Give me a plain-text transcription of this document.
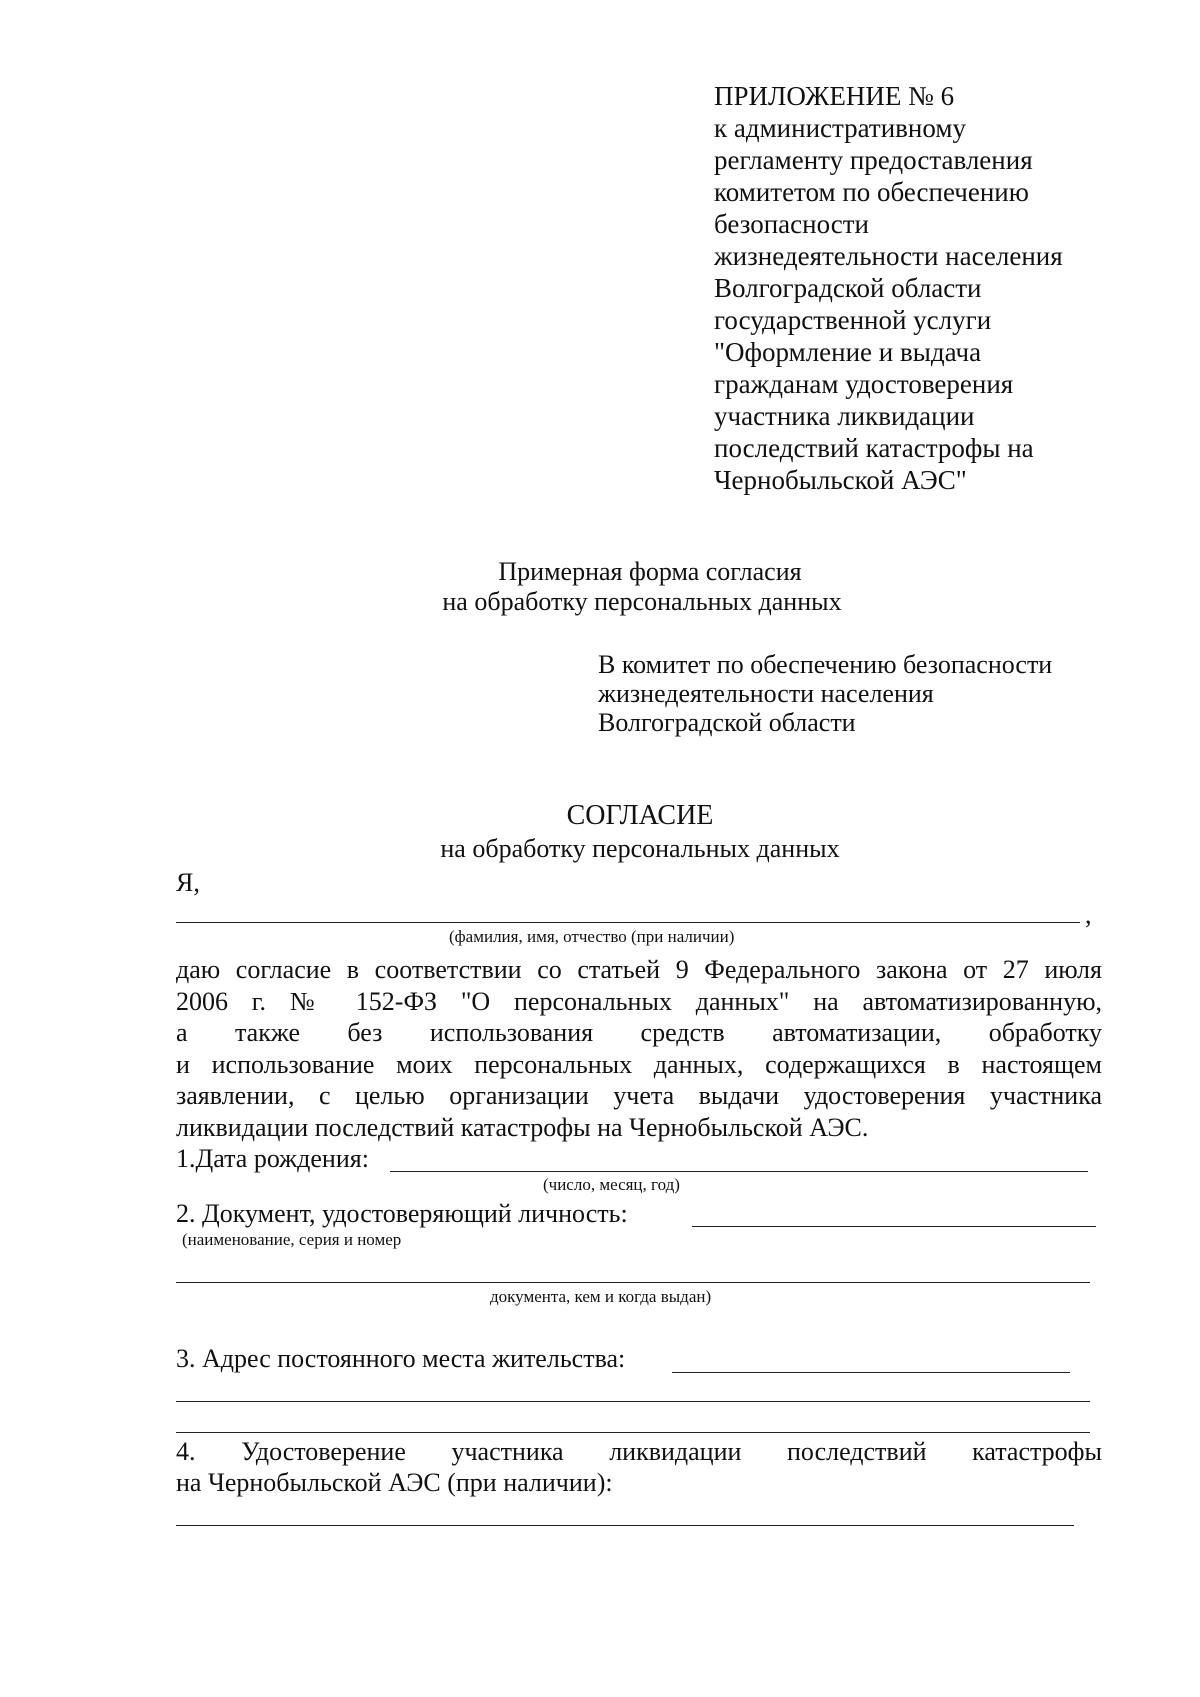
ПРИЛОЖЕНИЕ № 6
к административному
регламенту предоставления
комитетом по обеспечению
безопасности
жизнедеятельности населения
Волгоградской области
государственной услуги
"Оформление и выдача
гражданам удостоверения
участника ликвидации
последствий катастрофы на
Чернобыльской АЭС"
Примерная форма согласия
на обработку персональных данных
В комитет по обеспечению безопасности
жизнедеятельности населения
Волгоградской области
СОГЛАСИЕ
на обработку персональных данных
Я,
,
(фамилия, имя, отчество (при наличии)
даю согласие в соответствии со статьей 9 Федерального закона от 27 июля
2006 г. № 152-ФЗ "О персональных данных" на автоматизированную,
а также без использования средств автоматизации, обработку
и использование моих персональных данных, содержащихся в настоящем
заявлении, с целью организации учета выдачи удостоверения участника
ликвидации последствий катастрофы на Чернобыльской АЭС.
1.Дата рождения:
(число, месяц, год)
2. Документ, удостоверяющий личность:
(наименование, серия и номер
документа, кем и когда выдан)
3. Адрес постоянного места жительства:
4. Удостоверение участника ликвидации последствий катастрофы
на Чернобыльской АЭС (при наличии):
